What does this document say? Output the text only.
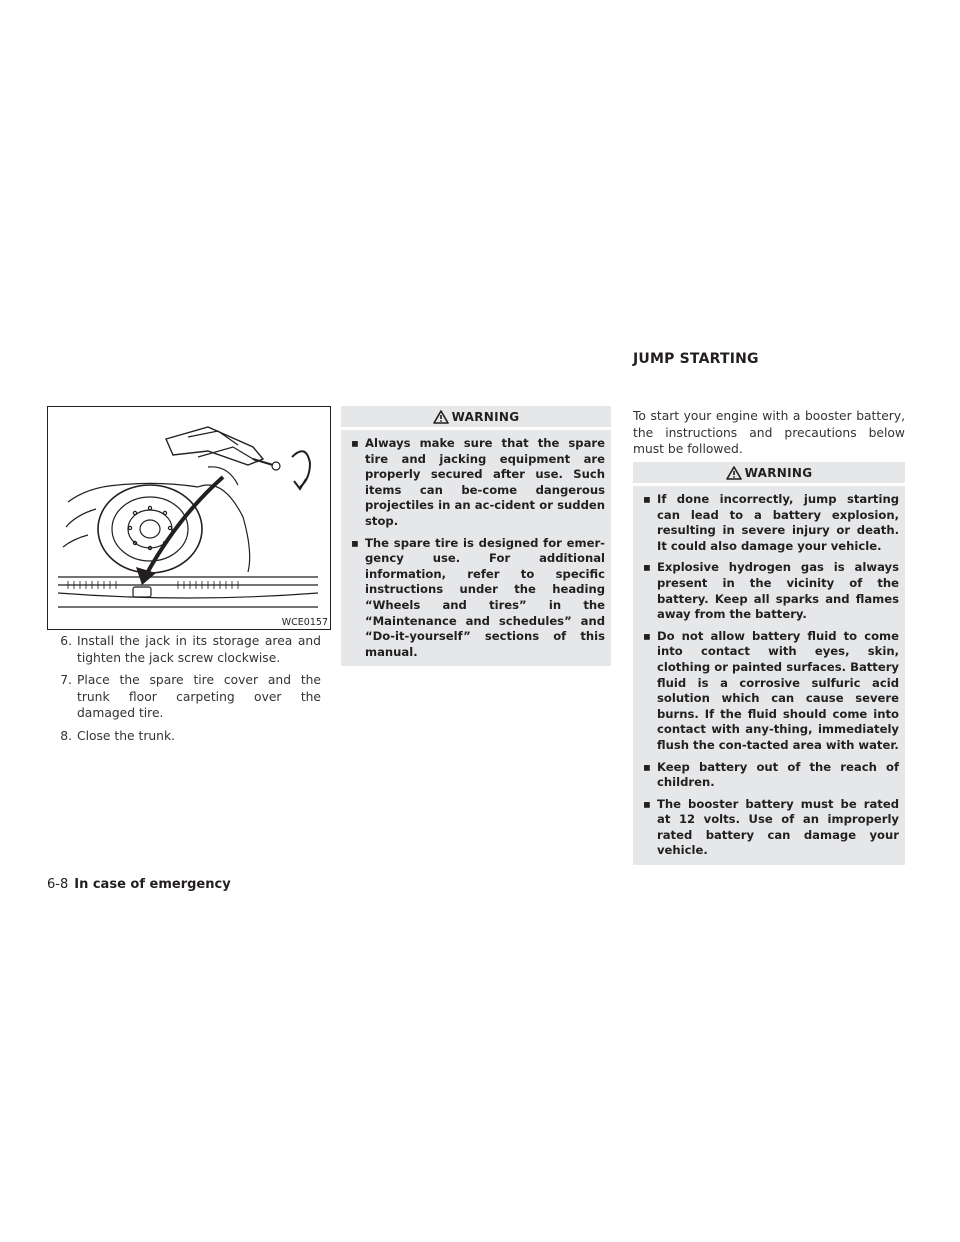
JUMP STARTING
WCE0157
6. Install the jack in its storage area and tighten the jack screw clockwise.
7. Place the spare tire cover and the trunk floor carpeting over the damaged tire.
8. Close the trunk.
WARNING
▪ Always make sure that the spare tire and jacking equipment are properly secured after use. Such items can be-come dangerous projectiles in an ac-cident or sudden stop.
▪ The spare tire is designed for emer-gency use. For additional information, refer to specific instructions under the heading “Wheels and tires” in the “Maintenance and schedules” and “Do-it-yourself” sections of this manual.

To start your engine with a booster battery, the instructions and precautions below must be followed.

WARNING
▪ If done incorrectly, jump starting can lead to a battery explosion, resulting in severe injury or death. It could also damage your vehicle.
▪ Explosive hydrogen gas is always present in the vicinity of the battery. Keep all sparks and flames away from the battery.
▪ Do not allow battery fluid to come into contact with eyes, skin, clothing or painted surfaces. Battery fluid is a corrosive sulfuric acid solution which can cause severe burns. If the fluid should come into contact with any-thing, immediately flush the con-tacted area with water.
▪ Keep battery out of the reach of children.
▪ The booster battery must be rated at 12 volts. Use of an improperly rated battery can damage your vehicle.
6-8 In case of emergency
